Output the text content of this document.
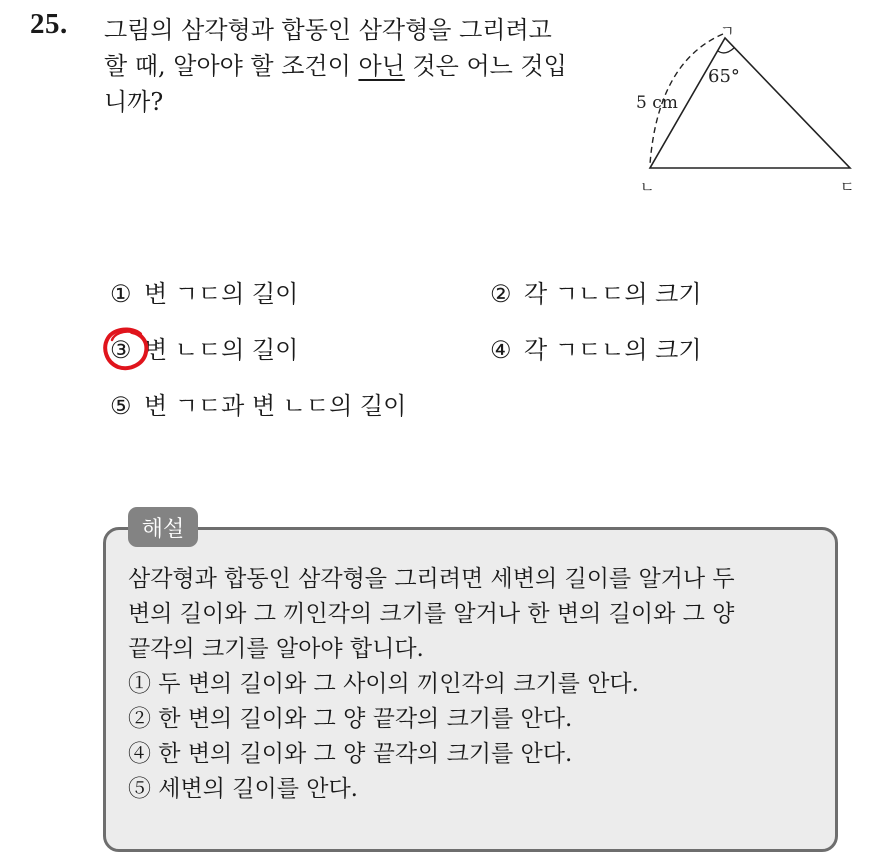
25. 그림의 삼각형과 합동인 삼각형을 그리려고
할 때, 알아야 할 조건이 아닌 것은 어느 것입
니까?
ㄱ
ㄴ	ㄷ
65°
5 cm
① 변 ㄱㄷ의 길이	② 각 ㄱㄴㄷ의 크기
③ 변 ㄴㄷ의 길이	④ 각 ㄱㄷㄴ의 크기
⑤ 변 ㄱㄷ과 변 ㄴㄷ의 길이
해설
삼각형과 합동인 삼각형을 그리려면 세변의 길이를 알거나 두
변의 길이와 그 끼인각의 크기를 알거나 한 변의 길이와 그 양
끝각의 크기를 알아야 합니다.
① 두 변의 길이와 그 사이의 끼인각의 크기를 안다.
② 한 변의 길이와 그 양 끝각의 크기를 안다.
④ 한 변의 길이와 그 양 끝각의 크기를 안다.
⑤ 세변의 길이를 안다.
